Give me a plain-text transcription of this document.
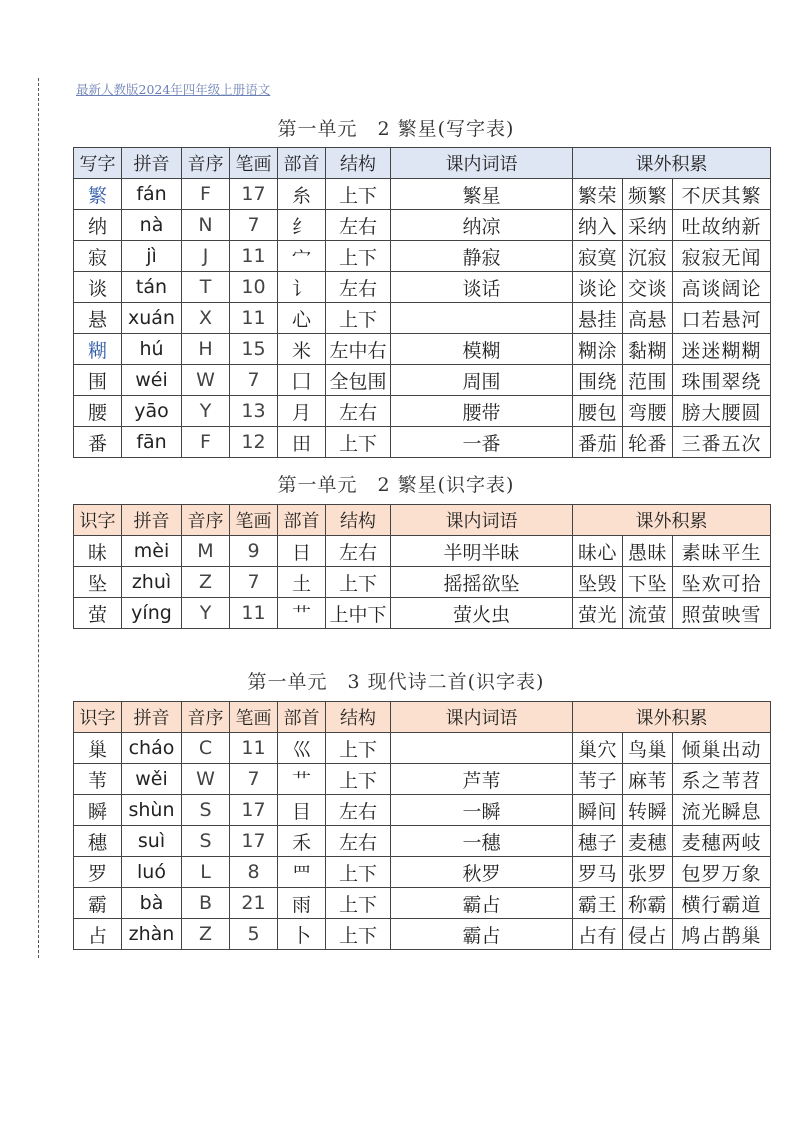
最新人教版2024年四年级上册语文
第一单元　2 繁星(写字表)
写字	拼音	音序	笔画	部首	结构	课内词语	课外积累		
繁	fán	F	17	糸	上下	繁星	繁荣	频繁	不厌其繁
纳	nà	N	7	纟	左右	纳凉	纳入	采纳	吐故纳新
寂	jì	J	11	宀	上下	静寂	寂寞	沉寂	寂寂无闻
谈	tán	T	10	讠	左右	谈话	谈论	交谈	高谈阔论
悬	xuán	X	11	心	上下		悬挂	高悬	口若悬河
糊	hú	H	15	米	左中右	模糊	糊涂	黏糊	迷迷糊糊
围	wéi	W	7	囗	全包围	周围	围绕	范围	珠围翠绕
腰	yāo	Y	13	月	左右	腰带	腰包	弯腰	膀大腰圆
番	fān	F	12	田	上下	一番	番茄	轮番	三番五次
第一单元　2 繁星(识字表)
识字	拼音	音序	笔画	部首	结构	课内词语	课外积累		
昧	mèi	M	9	日	左右	半明半昧	昧心	愚昧	素昧平生
坠	zhuì	Z	7	土	上下	摇摇欲坠	坠毁	下坠	坠欢可拾
萤	yíng	Y	11	艹	上中下	萤火虫	萤光	流萤	照萤映雪
第一单元　3 现代诗二首(识字表)
识字	拼音	音序	笔画	部首	结构	课内词语	课外积累		
巢	cháo	C	11	巛	上下		巢穴	鸟巢	倾巢出动
苇	wěi	W	7	艹	上下	芦苇	苇子	麻苇	系之苇苕
瞬	shùn	S	17	目	左右	一瞬	瞬间	转瞬	流光瞬息
穗	suì	S	17	禾	左右	一穗	穗子	麦穗	麦穗两岐
罗	luó	L	8	罒	上下	秋罗	罗马	张罗	包罗万象
霸	bà	B	21	雨	上下	霸占	霸王	称霸	横行霸道
占	zhàn	Z	5	卜	上下	霸占	占有	侵占	鸠占鹊巢
